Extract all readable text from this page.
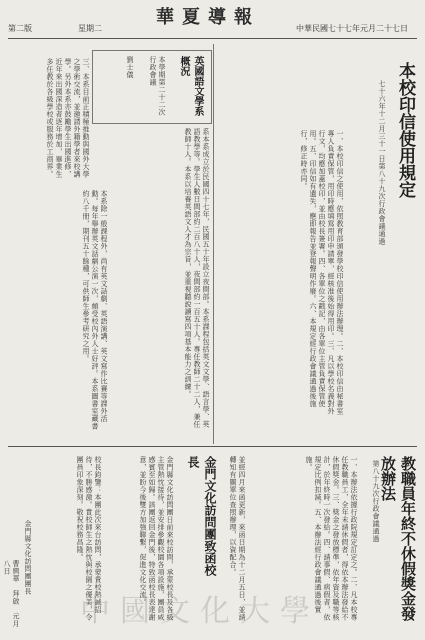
華夏導報
第二版	星期二	中華民國七十七年元月二十七日
本校印信使用規定
七十六年十二月三十一日第八十九次行政會議通過
一、本校印信之使用，依照教育部頒發學校印信使用辦法辦理。二、本校印信由秘書室專人負責保管，用印時應填寫用印申請單，經核准後始得用印。三、凡以學校名義對外行文，均應加蓋校印，並由校長簽署。四、各單位之戳記，由各單位主管負責保管使用。五、印信如有遺失，應即報告並登報聲明作廢。六、本規定經行政會議通過後施行，修正時亦同。
英國語文學系概況
本學期第二十二次行政會議
劉士儀
三、本系目前正積極推動與國外大學之學術交流，並邀請外籍學者來校講學。另外本系亦鼓勵學生出國進修，近年來出國深造者逐年增加，畢業生多任教於各級學校或服務於工商界。
系本系成立於民國四十七年，民國五十年設立夜間部。本系課程包括英文文學、語言學、英語教學等。學生人數日間部約二百八十人，夜間部約一百五十人。專任教師二十二人，兼任教師十人。本系以培養英語文人才為宗旨，並重視聽說讀寫四項基本能力之訓練。
本系除一般課程外，尚有英文話劇、英語演講、英文寫作比賽等課外活動。每年舉辦英文話劇公演一次，頗受校內外人士好評。本系圖書室藏書約八千冊，期刊五十餘種，可供師生參考研究之用。
教職員年終不休假獎金發放辦法
第八十九次行政會議通過
一、本辦法依據行政院規定訂定之。二、凡本校專任教職員工，全年未請休假者，得依本辦法發給不休假獎金。三、獎金之發放標準，依年資及職等核計，於年終時一次發給。四、請事假、病假者，依規定比例扣減。五、本辦法經行政會議通過後實施。
金門文化訪問團致函校長
金門縣文化訪問團日前來校訪問，承蒙校長及各級主管熱忱接待，並安排參觀校園各項設施，團員咸感賓至如歸。該團返回金門後，特致函校長表達謝意，並盼今後雙方加強聯繫，促進文化交流。	並經四月來函更新，來函日期為十二月五日，並請轉知有關單位查照辦理，以資配合。
校長鈞鑒：本團此次來台訪問，承蒙貴校熱誠招待，不勝感激。貴校師生之熱忱與校園之優美，令團員印象深刻。敬祝校務昌隆。
金門縣文化訪問團團長
曹興華　拜啟　元月八日
中國文化大學
